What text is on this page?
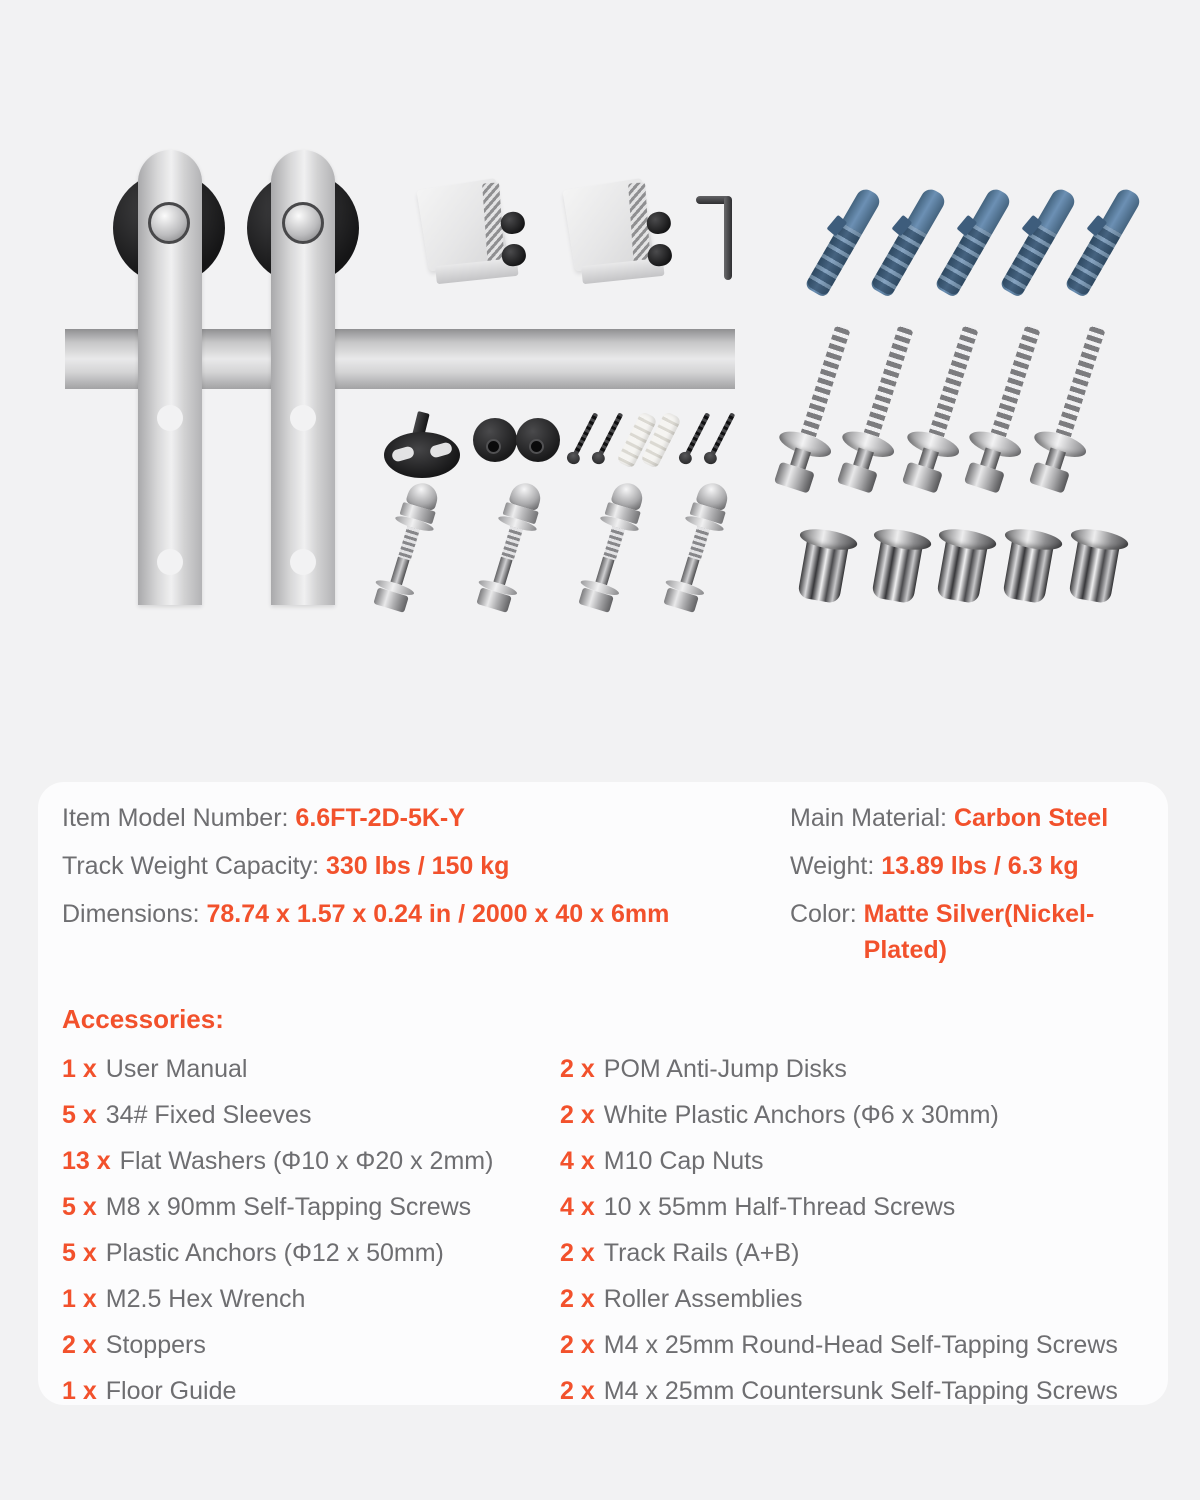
Item Model Number: 6.6FT-2D-5K-Y
Track Weight Capacity: 330 lbs / 150 kg
Dimensions: 78.74 x 1.57 x 0.24 in / 2000 x 40 x 6mm
Main Material: Carbon Steel
Weight: 13.89 lbs / 6.3 kg
Color: Matte Silver(Nickel-Plated)
Accessories:
1 x User Manual
5 x 34# Fixed Sleeves
13 x Flat Washers (Φ10 x Φ20 x 2mm)
5 x M8 x 90mm Self-Tapping Screws
5 x Plastic Anchors (Φ12 x 50mm)
1 x M2.5 Hex Wrench
2 x Stoppers
1 x Floor Guide
2 x POM Anti-Jump Disks
2 x White Plastic Anchors (Φ6 x 30mm)
4 x M10 Cap Nuts
4 x 10 x 55mm Half-Thread Screws
2 x Track Rails (A+B)
2 x Roller Assemblies
2 x M4 x 25mm Round-Head Self-Tapping Screws
2 x M4 x 25mm Countersunk Self-Tapping Screws
